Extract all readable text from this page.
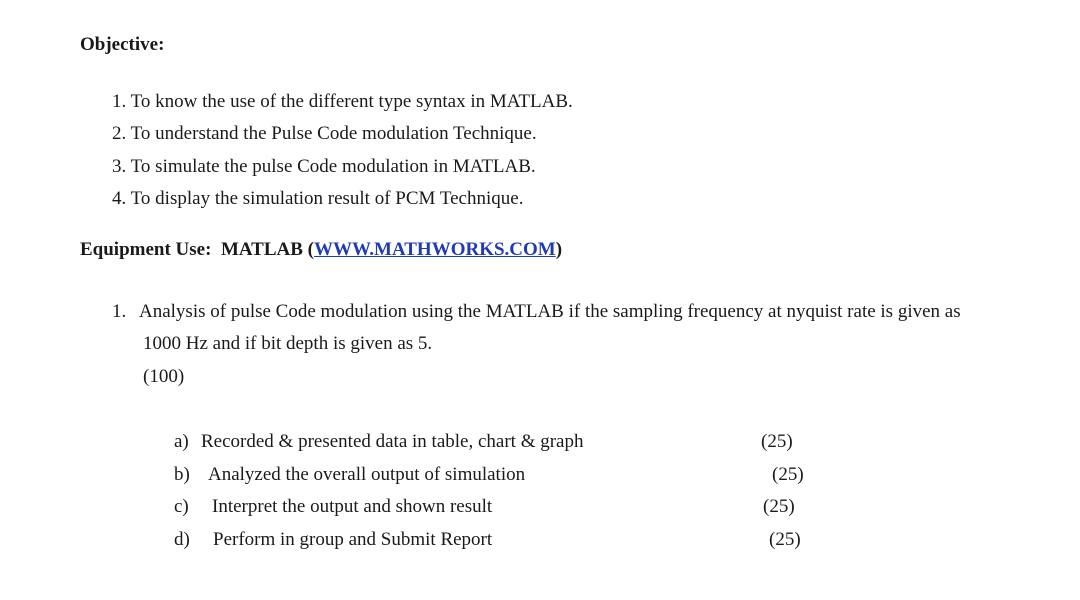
Objective:
1. To know the use of the different type syntax in MATLAB.
2. To understand the Pulse Code modulation Technique.
3. To simulate the pulse Code modulation in MATLAB.
4. To display the simulation result of PCM Technique.
Equipment Use: MATLAB (WWW.MATHWORKS.COM)
1. Analysis of pulse Code modulation using the MATLAB if the sampling frequency at nyquist rate is given as
1000 Hz and if bit depth is given as 5.
(100)
a) Recorded & presented data in table, chart & graph	(25)
b) Analyzed the overall output of simulation	(25)
c) Interpret the output and shown result	(25)
d) Perform in group and Submit Report	(25)
